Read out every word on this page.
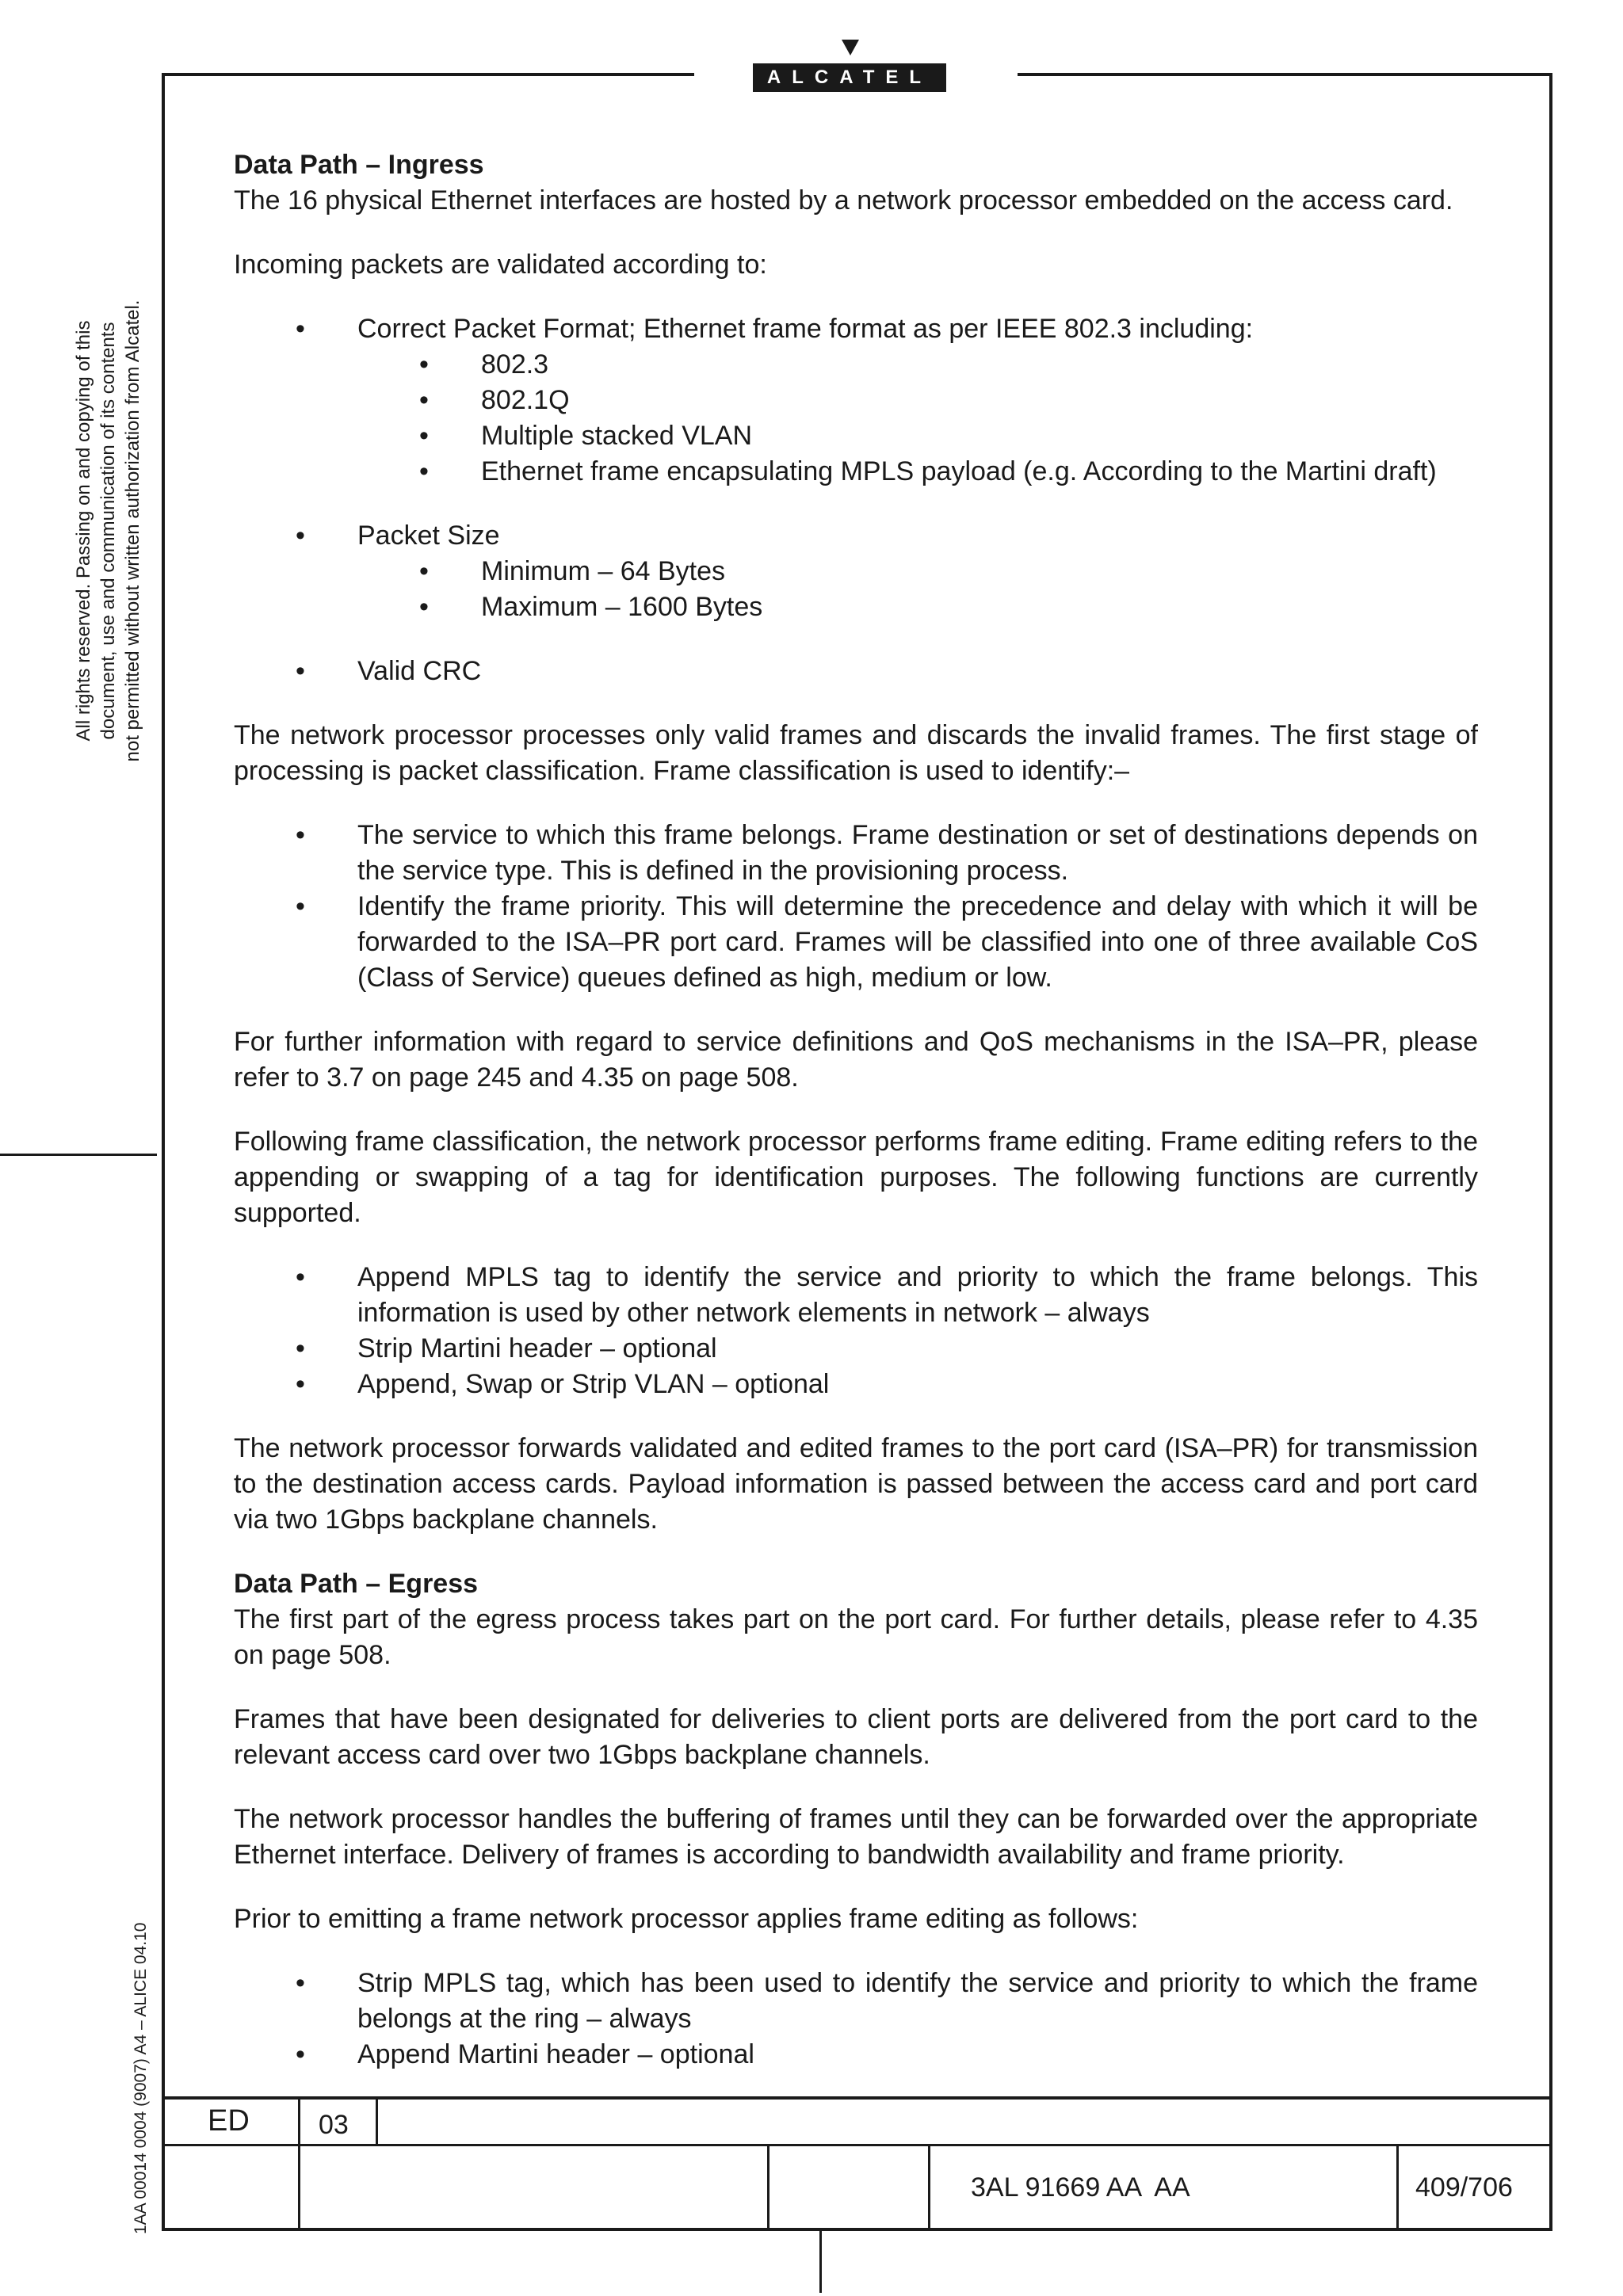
ALCATEL
All rights reserved. Passing on and copying of this document, use and communication of its contents not permitted without written authorization from Alcatel.
1AA 00014 0004 (9007) A4 – ALICE 04.10
Data Path – Ingress

The 16 physical Ethernet interfaces are hosted by a network processor embedded on the access card.

Incoming packets are validated according to:

• Correct Packet Format; Ethernet frame format as per IEEE 802.3 including:
• 802.3
• 802.1Q
• Multiple stacked VLAN
• Ethernet frame encapsulating MPLS payload (e.g. According to the Martini draft)
• Packet Size
• Minimum – 64 Bytes
• Maximum – 1600 Bytes
• Valid CRC

The network processor processes only valid frames and discards the invalid frames. The first stage of processing is packet classification. Frame classification is used to identify:–

• The service to which this frame belongs. Frame destination or set of destinations depends on the service type. This is defined in the provisioning process.
• Identify the frame priority. This will determine the precedence and delay with which it will be forwarded to the ISA–PR port card. Frames will be classified into one of three available CoS (Class of Service) queues defined as high, medium or low.

For further information with regard to service definitions and QoS mechanisms in the ISA–PR, please refer to 3.7 on page 245 and 4.35 on page 508.

Following frame classification, the network processor performs frame editing. Frame editing refers to the appending or swapping of a tag for identification purposes. The following functions are currently supported.

• Append MPLS tag to identify the service and priority to which the frame belongs. This information is used by other network elements in network – always
• Strip Martini header – optional
• Append, Swap or Strip VLAN – optional

The network processor forwards validated and edited frames to the port card (ISA–PR) for transmission to the destination access cards. Payload information is passed between the access card and port card via two 1Gbps backplane channels.

Data Path – Egress

The first part of the egress process takes part on the port card. For further details, please refer to 4.35 on page 508.

Frames that have been designated for deliveries to client ports are delivered from the port card to the relevant access card over two 1Gbps backplane channels.

The network processor handles the buffering of frames until they can be forwarded over the appropriate Ethernet interface. Delivery of frames is according to bandwidth availability and frame priority.

Prior to emitting a frame network processor applies frame editing as follows:

• Strip MPLS tag, which has been used to identify the service and priority to which the frame belongs at the ring – always
• Append Martini header – optional
ED	03
3AL 91669 AA  AA	409/706
